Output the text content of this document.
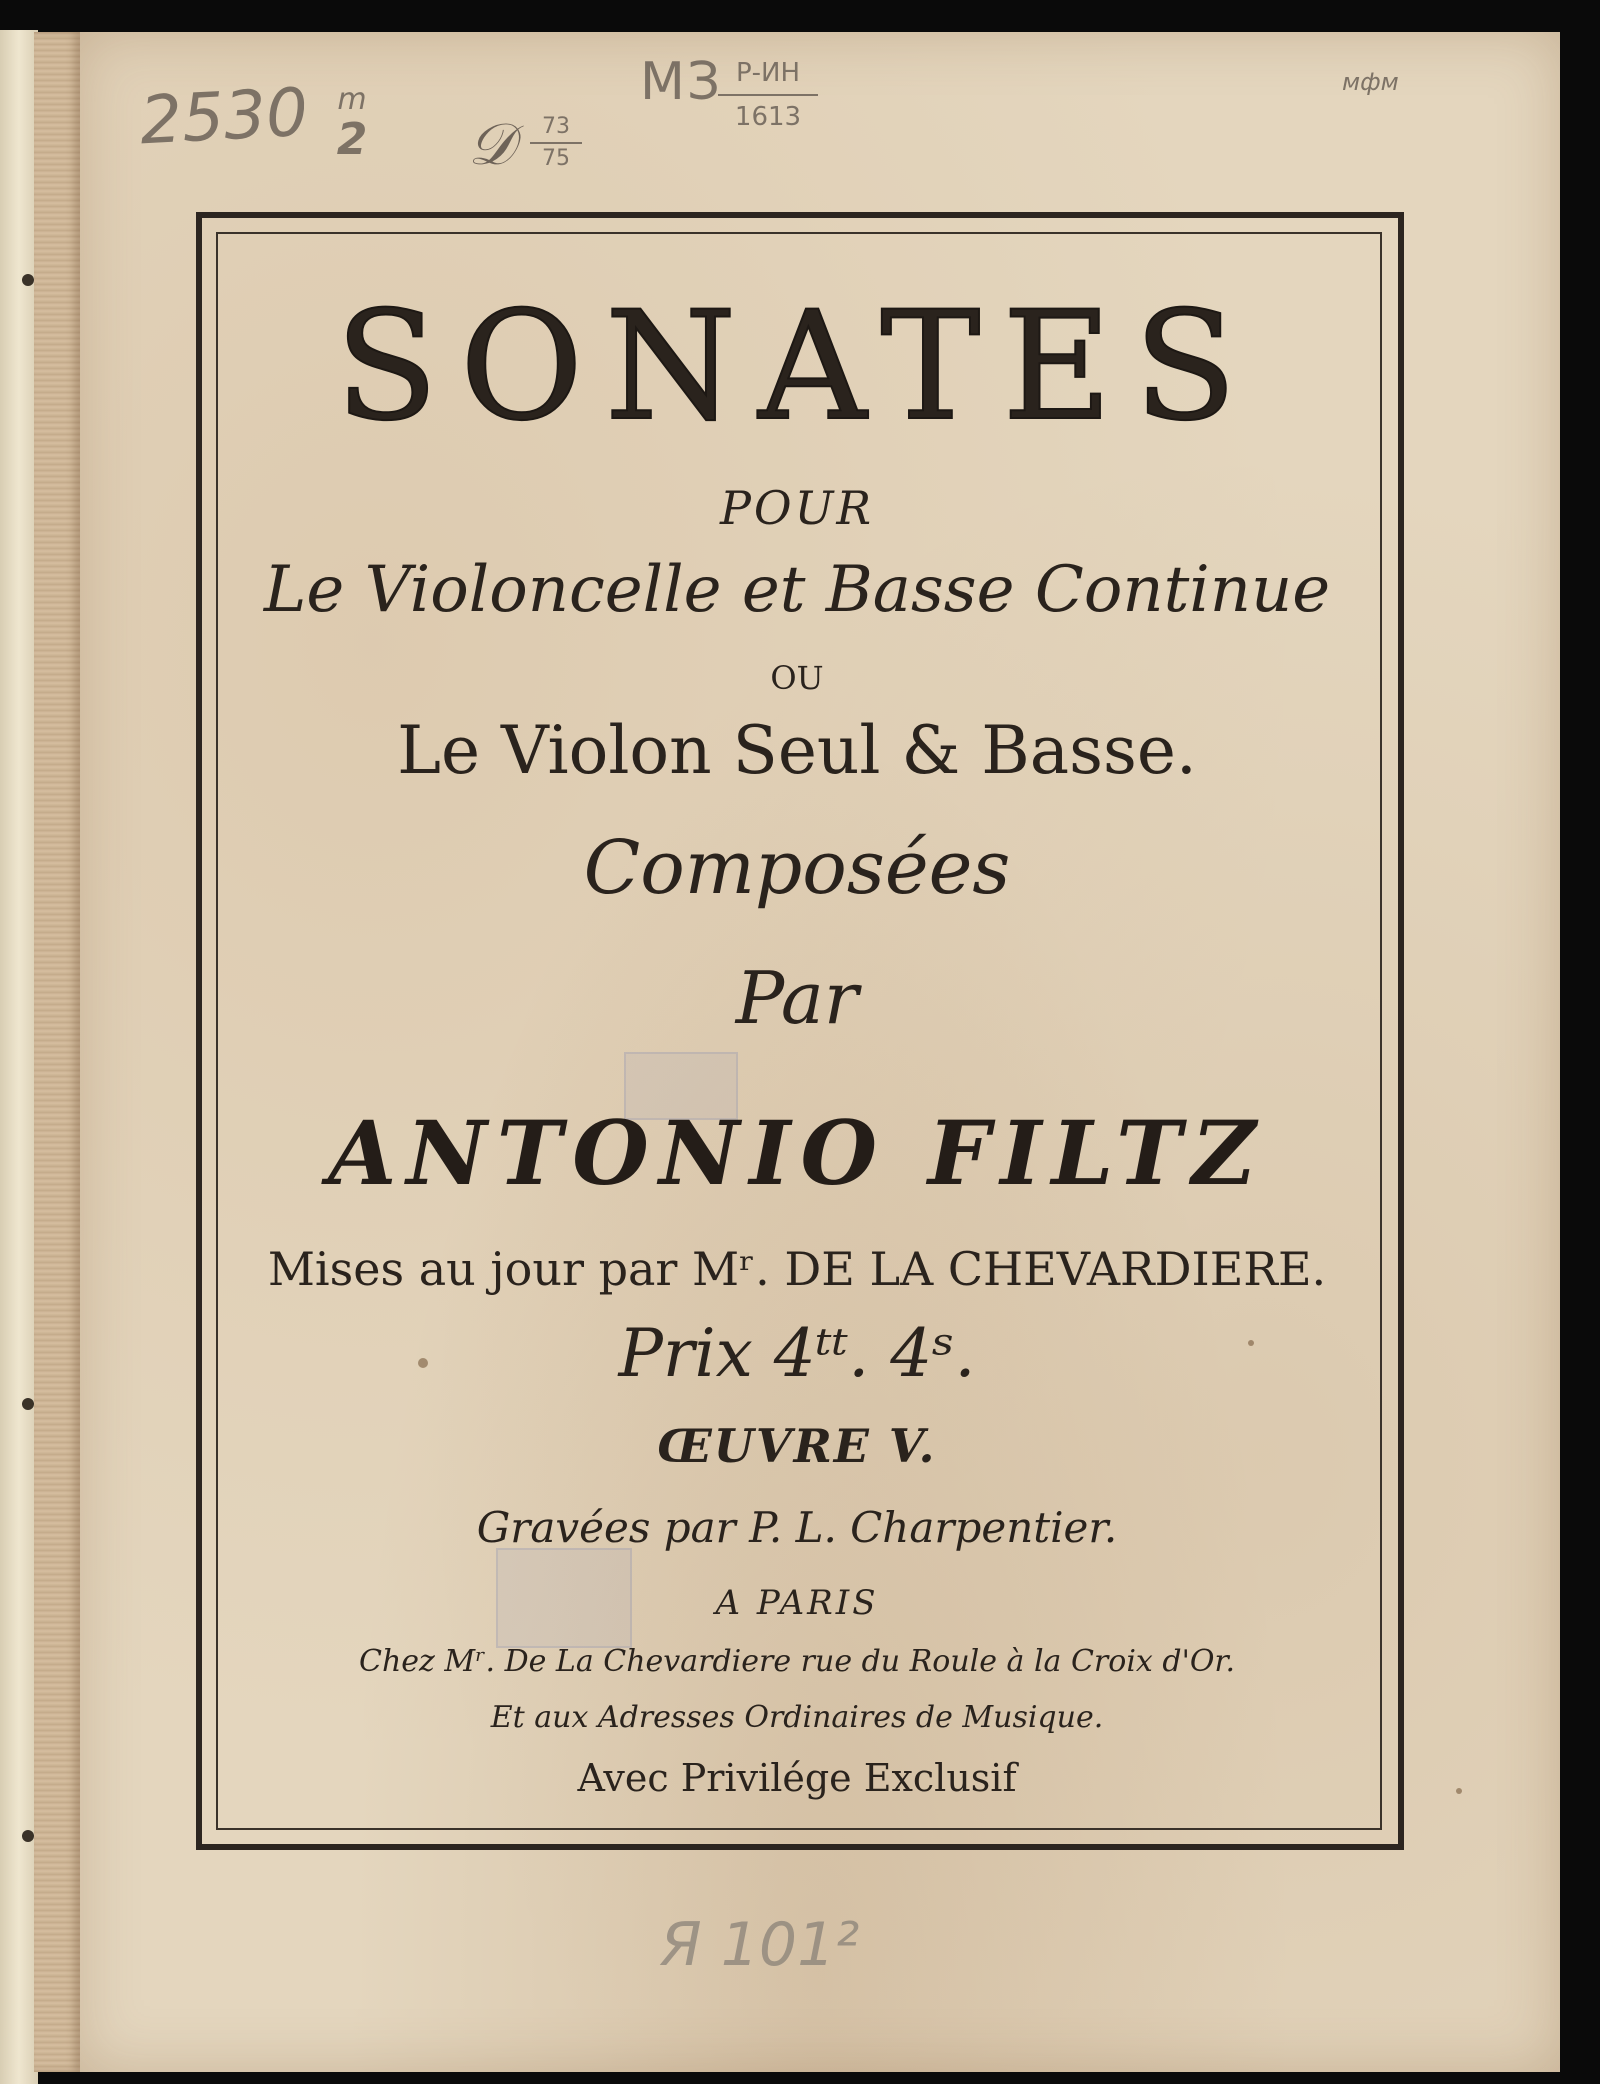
2530 m
2
МЗ Р-ИН
1613
𝒟	73
75
мфм
Я 101²
SONATES
POUR
Le Violoncelle et Basse Continue
OU
Le Violon Seul & Basse.
Composées
Par
ANTONIO FILTZ
Mises au jour par Mʳ. DE LA CHEVARDIERE.
Prix 4ᵗᵗ. 4ˢ.
ŒUVRE V.
Gravées par P. L. Charpentier.
A PARIS
Chez Mʳ. De La Chevardiere rue du Roule à la Croix d'Or.
Et aux Adresses Ordinaires de Musique.
Avec Privilége Exclusif
